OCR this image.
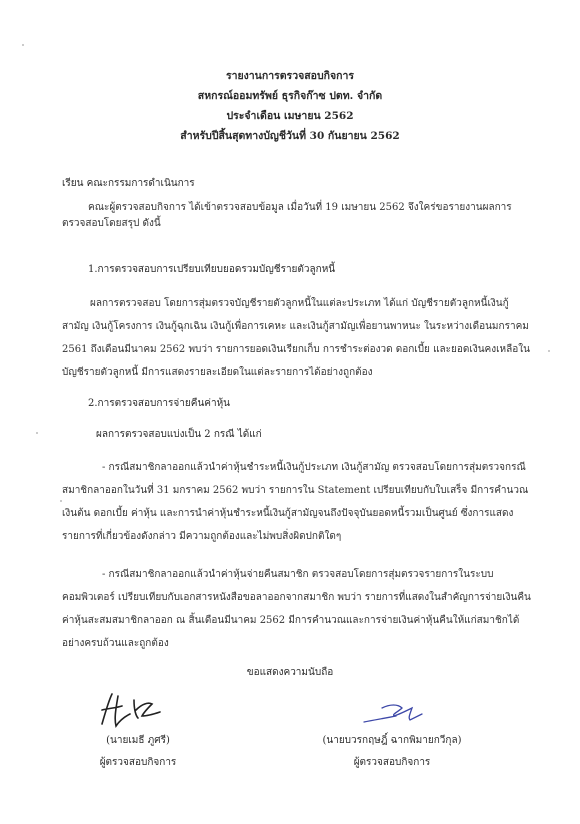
รายงานการตรวจสอบกิจการ
สหกรณ์ออมทรัพย์ ธุรกิจก๊าซ ปตท. จำกัด
ประจำเดือน เมษายน 2562
สำหรับปีสิ้นสุดทางบัญชีวันที่ 30 กันยายน 2562
เรียน คณะกรรมการดำเนินการ
คณะผู้ตรวจสอบกิจการ ได้เข้าตรวจสอบข้อมูล เมื่อวันที่ 19 เมษายน 2562 จึงใคร่ขอรายงานผลการตรวจสอบโดยสรุป ดังนี้
1.การตรวจสอบการเปรียบเทียบยอดรวมบัญชีรายตัวลูกหนี้
ผลการตรวจสอบ โดยการสุ่มตรวจบัญชีรายตัวลูกหนี้ในแต่ละประเภท ได้แก่ บัญชีรายตัวลูกหนี้เงินกู้สามัญ เงินกู้โครงการ เงินกู้ฉุกเฉิน เงินกู้เพื่อการเคหะ และเงินกู้สามัญเพื่อยานพาหนะ ในระหว่างเดือนมกราคม 2561 ถึงเดือนมีนาคม 2562 พบว่า รายการยอดเงินเรียกเก็บ การชำระต่องวด ดอกเบี้ย และยอดเงินคงเหลือในบัญชีรายตัวลูกหนี้ มีการแสดงรายละเอียดในแต่ละรายการได้อย่างถูกต้อง
2.การตรวจสอบการจ่ายคืนค่าหุ้น
ผลการตรวจสอบแบ่งเป็น 2 กรณี ได้แก่
- กรณีสมาชิกลาออกแล้วนำค่าหุ้นชำระหนี้เงินกู้ประเภท เงินกู้สามัญ ตรวจสอบโดยการสุ่มตรวจกรณีสมาชิกลาออกในวันที่ 31 มกราคม 2562 พบว่า รายการใน Statement เปรียบเทียบกับใบเสร็จ มีการคำนวณเงินต้น ดอกเบี้ย ค่าหุ้น และการนำค่าหุ้นชำระหนี้เงินกู้สามัญจนถึงปัจจุบันยอดหนี้รวมเป็นศูนย์ ซึ่งการแสดงรายการที่เกี่ยวข้องดังกล่าว มีความถูกต้องและไม่พบสิ่งผิดปกติใดๆ
- กรณีสมาชิกลาออกแล้วนำค่าหุ้นจ่ายคืนสมาชิก ตรวจสอบโดยการสุ่มตรวจรายการในระบบคอมพิวเตอร์ เปรียบเทียบกับเอกสารหนังสือขอลาออกจากสมาชิก พบว่า รายการที่แสดงในสำคัญการจ่ายเงินคืนค่าหุ้นสะสมสมาชิกลาออก ณ สิ้นเดือนมีนาคม 2562 มีการคำนวณและการจ่ายเงินค่าหุ้นคืนให้แก่สมาชิกได้อย่างครบถ้วนและถูกต้อง
ขอแสดงความนับถือ
(นายเมธี ภูศรี)
ผู้ตรวจสอบกิจการ
(นายบวรกฤษฎิ์ ฉากพิมายกวีกุล)
ผู้ตรวจสอบกิจการ
